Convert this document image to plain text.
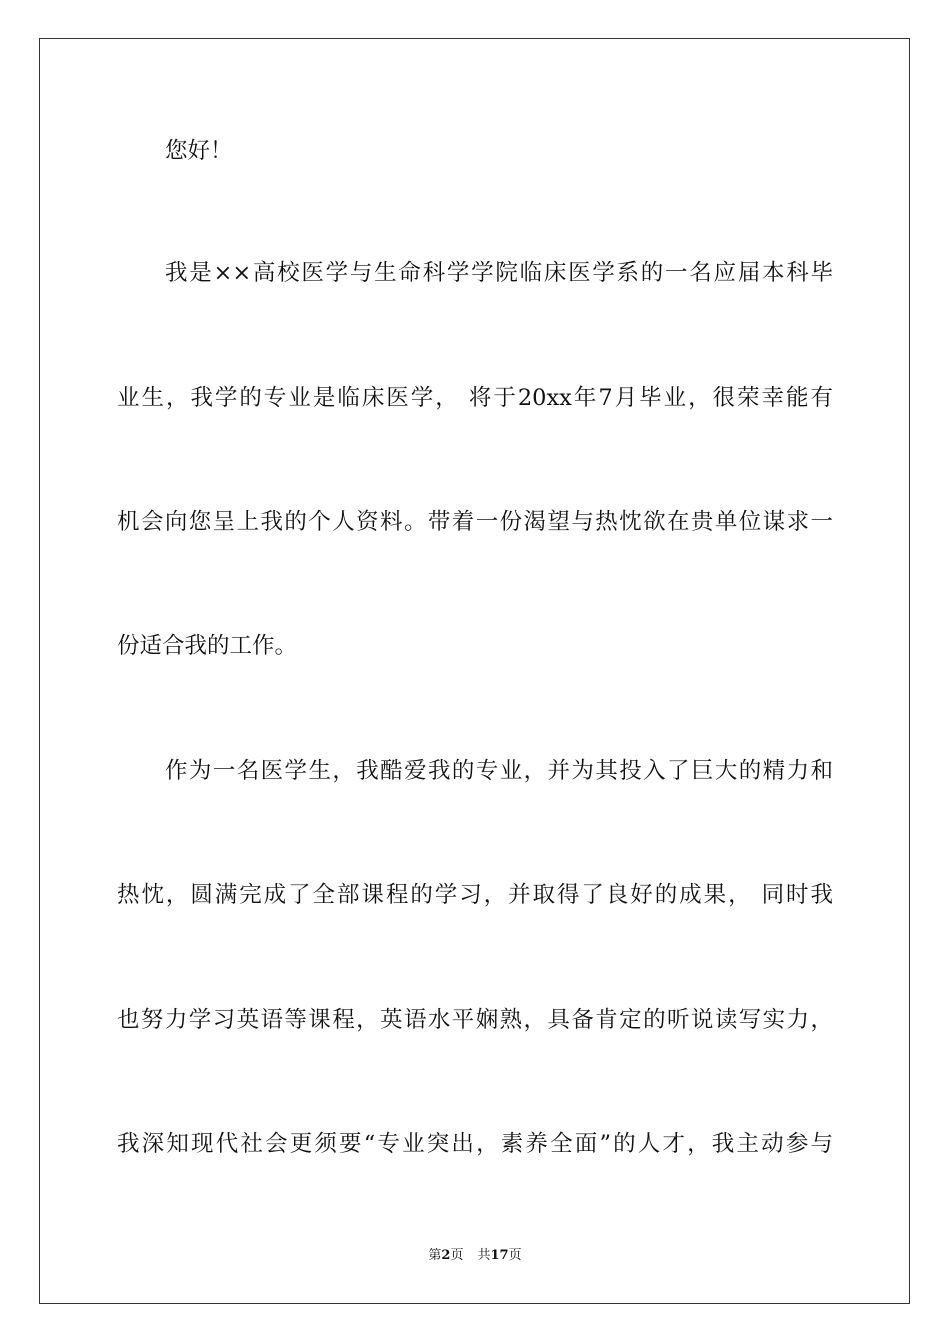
您好！

我是××高校医学与生命科学学院临床医学系的一名应届本科毕

业生，我学的专业是临床医学， 将于20xx年7月毕业，很荣幸能有

机会向您呈上我的个人资料。带着一份渴望与热忱欲在贵单位谋求一

份适合我的工作。

作为一名医学生，我酷爱我的专业，并为其投入了巨大的精力和

热忱，圆满完成了全部课程的学习，并取得了良好的成果， 同时我

也努力学习英语等课程，英语水平娴熟，具备肯定的听说读写实力，

我深知现代社会更须要“专业突出，素养全面”的人才，我主动参与

第2页 共17页
